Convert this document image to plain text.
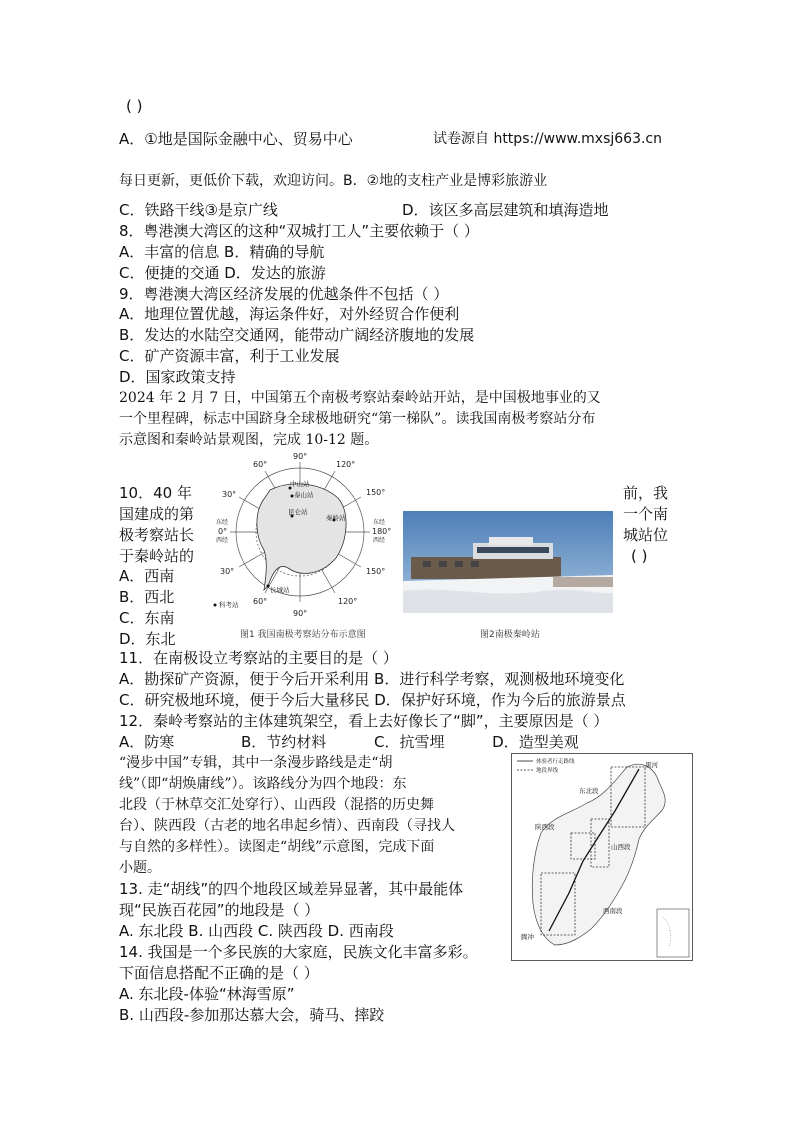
( )
A．①地是国际金融中心、贸易中心	试卷源自 https://www.mxsj663.cn
每日更新，更低价下载，欢迎访问。B．②地的支柱产业是博彩旅游业
C．铁路干线③是京广线	D．该区多高层建筑和填海造地
8．粤港澳大湾区的这种“双城打工人”主要依赖于（ ）
A．丰富的信息 B．精确的导航
C．便捷的交通 D．发达的旅游
9．粤港澳大湾区经济发展的优越条件不包括（ ）
A．地理位置优越，海运条件好，对外经贸合作便利
B．发达的水陆空交通网，能带动广阔经济腹地的发展
C．矿产资源丰富，利于工业发展
D．国家政策支持
2024 年 2 月 7 日，中国第五个南极考察站秦岭站开站，是中国极地事业的又
一个里程碑，标志中国跻身全球极地研究“第一梯队”。读我国南极考察站分布
示意图和秦岭站景观图，完成 10-12 题。
10．40 年
国建成的第
极考察站长
于秦岭站的
前，我
一个南
城站位
( )
A．西南
B．西北
C．东南
D．东北
90°
60°	120°
30°	150°
东经
0°
西经
东经
180°
西经
30°	150°
60°	120°
90°
中山站
泰山站
昆仑站
秦岭站
长城站
科考站
图1 我国南极考察站分布示意图	图2南极秦岭站
11．在南极设立考察站的主要目的是（ ）
A．勘探矿产资源，便于今后开采利用 B．进行科学考察，观测极地环境变化
C．研究极地环境，便于今后大量移民 D．保护好环境，作为今后的旅游景点
12．秦岭考察站的主体建筑架空，看上去好像长了“脚”，主要原因是（ ）
A．防寒              B．节约材料          C．抗雪埋          D．造型美观
“漫步中国”专辑，其中一条漫步路线是走“胡
线”（即“胡焕庸线”）。该路线分为四个地段：东
北段（于林草交汇处穿行）、山西段（混搭的历史舞
台）、陕西段（古老的地名串起乡情）、西南段（寻找人
与自然的多样性）。读图走“胡线”示意图，完成下面
小题。
13. 走“胡线”的四个地段区域差异显著，其中最能体
现“民族百花园”的地段是（ ）
A. 东北段 B. 山西段 C. 陕西段 D. 西南段
14. 我国是一个多民族的大家庭，民族文化丰富多彩。
下面信息搭配不正确的是（ ）
A. 东北段-体验“林海雪原”
B. 山西段-参加那达慕大会，骑马、摔跤
体验者行走路线
地段界线
东北段
黑河
陕西段
山西段
西南段
腾冲
